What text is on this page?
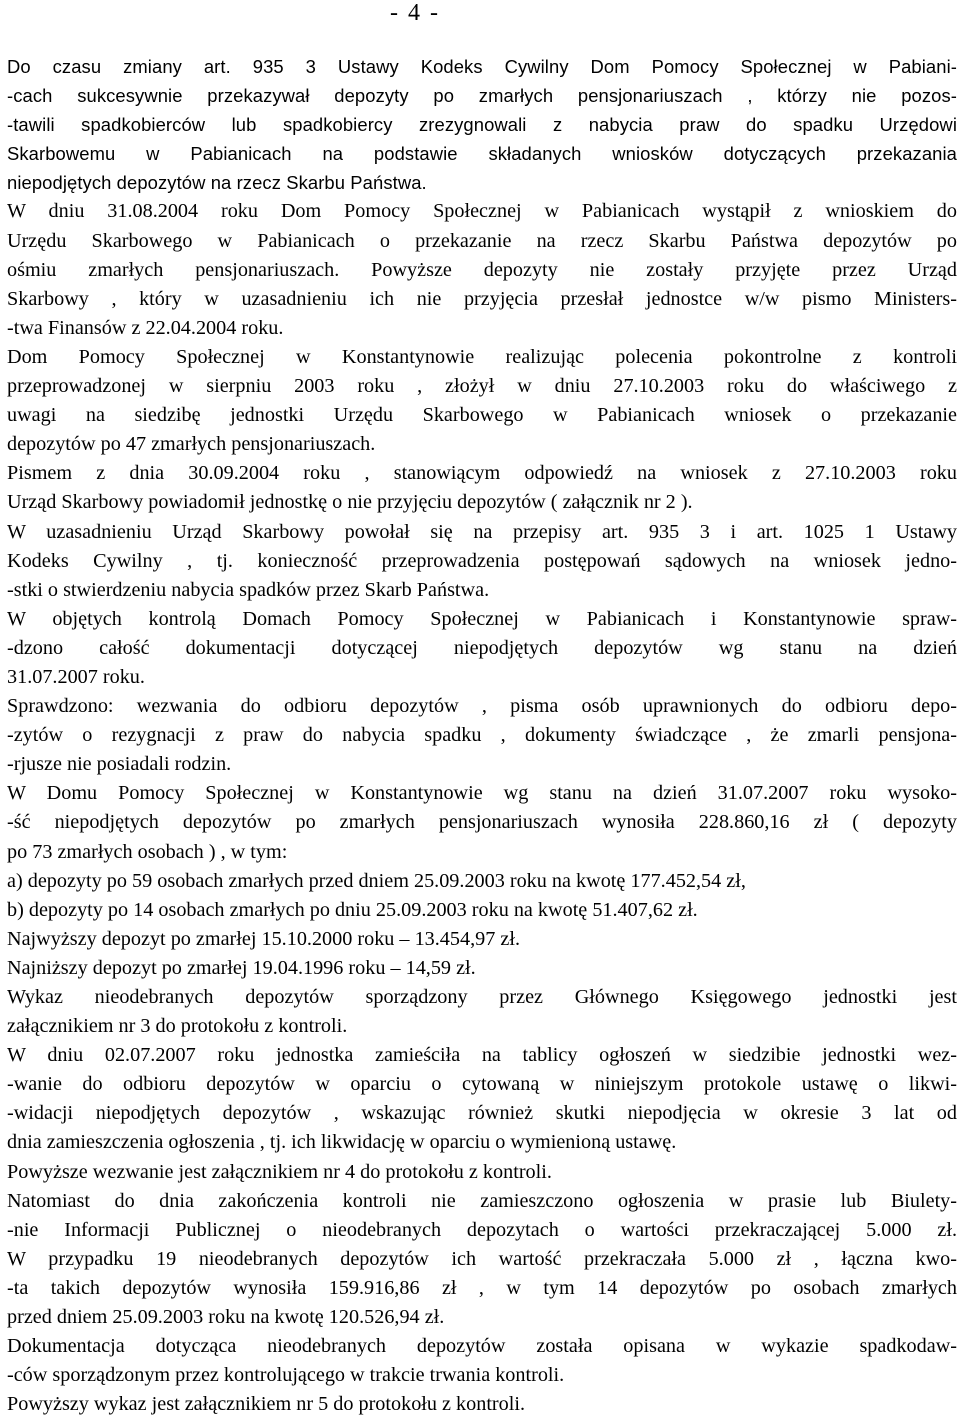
- 4 -
Do czasu zmiany art. 935 3 Ustawy Kodeks Cywilny Dom Pomocy Społecznej w Pabiani-
-cach sukcesywnie przekazywał depozyty po zmarłych pensjonariuszach , którzy nie pozos-
-tawili spadkobierców lub spadkobiercy zrezygnowali z nabycia praw do spadku Urzędowi
Skarbowemu w Pabianicach na podstawie składanych wniosków dotyczących przekazania
niepodjętych depozytów na rzecz Skarbu Państwa.
W dniu 31.08.2004 roku Dom Pomocy Społecznej w Pabianicach wystąpił z wnioskiem do
Urzędu Skarbowego w Pabianicach o przekazanie na rzecz Skarbu Państwa depozytów po
ośmiu zmarłych pensjonariuszach. Powyższe depozyty nie zostały przyjęte przez Urząd
Skarbowy , który w uzasadnieniu ich nie przyjęcia przesłał jednostce w/w pismo Ministers-
-twa Finansów z 22.04.2004 roku.
Dom Pomocy Społecznej w Konstantynowie realizując polecenia pokontrolne z kontroli
przeprowadzonej w sierpniu 2003 roku , złożył w dniu 27.10.2003 roku do właściwego z
uwagi na siedzibę jednostki Urzędu Skarbowego w Pabianicach wniosek o przekazanie
depozytów po 47 zmarłych pensjonariuszach.
Pismem z dnia 30.09.2004 roku , stanowiącym odpowiedź na wniosek z 27.10.2003 roku
Urząd Skarbowy powiadomił jednostkę o nie przyjęciu depozytów ( załącznik nr 2 ).
W uzasadnieniu Urząd Skarbowy powołał się na przepisy art. 935 3 i art. 1025 1 Ustawy
Kodeks Cywilny , tj. konieczność przeprowadzenia postępowań sądowych na wniosek jedno-
-stki o stwierdzeniu nabycia spadków przez Skarb Państwa.
W objętych kontrolą Domach Pomocy Społecznej w Pabianicach i Konstantynowie spraw-
-dzono całość dokumentacji dotyczącej niepodjętych depozytów wg stanu na dzień
31.07.2007 roku.
Sprawdzono: wezwania do odbioru depozytów , pisma osób uprawnionych do odbioru depo-
-zytów o rezygnacji z praw do nabycia spadku , dokumenty świadczące , że zmarli pensjona-
-rjusze nie posiadali rodzin.
W Domu Pomocy Społecznej w Konstantynowie wg stanu na dzień 31.07.2007 roku wysoko-
-ść niepodjętych depozytów po zmarłych pensjonariuszach wynosiła 228.860,16 zł ( depozyty
po 73 zmarłych osobach ) , w tym:
a) depozyty po 59 osobach zmarłych przed dniem 25.09.2003 roku na kwotę 177.452,54 zł,
b) depozyty po 14 osobach zmarłych po dniu 25.09.2003 roku na kwotę 51.407,62 zł.
Najwyższy depozyt po zmarłej 15.10.2000 roku – 13.454,97 zł.
Najniższy depozyt po zmarłej 19.04.1996 roku – 14,59 zł.
Wykaz nieodebranych depozytów sporządzony przez Głównego Księgowego jednostki jest
załącznikiem nr 3 do protokołu z kontroli.
W dniu 02.07.2007 roku jednostka zamieściła na tablicy ogłoszeń w siedzibie jednostki wez-
-wanie do odbioru depozytów w oparciu o cytowaną w niniejszym protokole ustawę o likwi-
-widacji niepodjętych depozytów , wskazując również skutki niepodjęcia w okresie 3 lat od
dnia zamieszczenia ogłoszenia , tj. ich likwidację w oparciu o wymienioną ustawę.
Powyższe wezwanie jest załącznikiem nr 4 do protokołu z kontroli.
Natomiast do dnia zakończenia kontroli nie zamieszczono ogłoszenia w prasie lub Biulety-
-nie Informacji Publicznej o nieodebranych depozytach o wartości przekraczającej 5.000 zł.
W przypadku 19 nieodebranych depozytów ich wartość przekraczała 5.000 zł , łączna kwo-
-ta takich depozytów wynosiła 159.916,86 zł , w tym 14 depozytów po osobach zmarłych
przed dniem 25.09.2003 roku na kwotę 120.526,94 zł.
Dokumentacja dotycząca nieodebranych depozytów została opisana w wykazie spadkodaw-
-ców sporządzonym przez kontrolującego w trakcie trwania kontroli.
Powyższy wykaz jest załącznikiem nr 5 do protokołu z kontroli.
